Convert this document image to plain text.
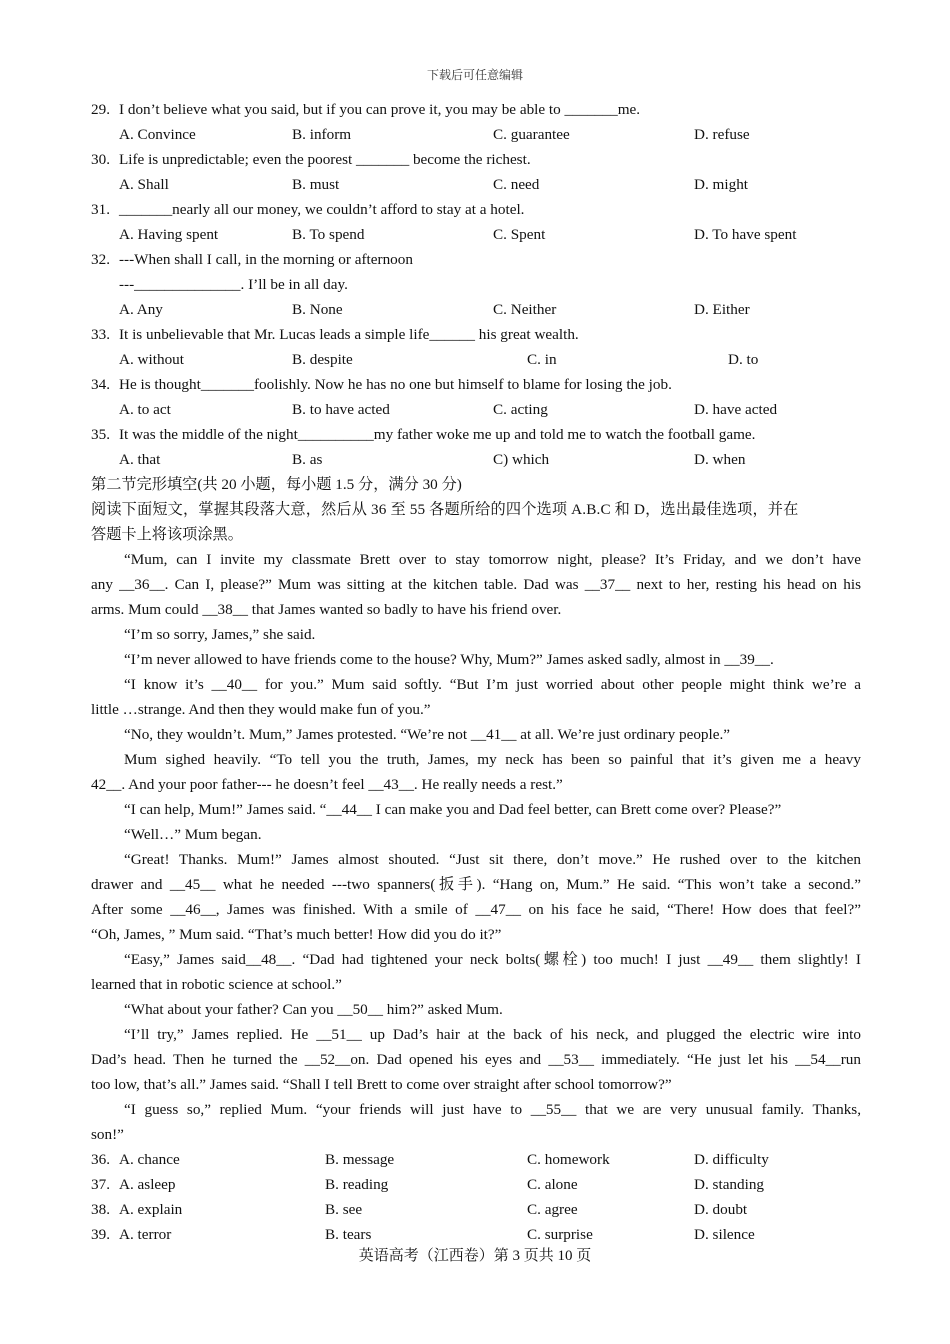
下载后可任意编辑
29. I don’t believe what you said, but if you can prove it, you may be able to _______me.
A. Convince	B. inform	C. guarantee	D. refuse
30. Life is unpredictable; even the poorest _______ become the richest.
A. Shall	B. must	C. need	D. might
31. _______nearly all our money, we couldn’t afford to stay at a hotel.
A. Having spent	B. To spend	C. Spent	D. To have spent
32. ---When shall I call, in the morning or afternoon
---______________. I’ll be in all day.
A. Any	B. None	C. Neither	D. Either
33. It is unbelievable that Mr. Lucas leads a simple life______ his great wealth.
A. without	B. despite	C. in	D. to
34. He is thought_______foolishly. Now he has no one but himself to blame for losing the job.
A. to act	B. to have acted	C. acting	D. have acted
35. It was the middle of the night__________my father woke me up and told me to watch the football game.
A. that	B. as	C) which	D. when
第二节完形填空(共 20 小题，每小题 1.5 分，满分 30 分)
阅读下面短文，掌握其段落大意，然后从 36 至 55 各题所给的四个选项 A.B.C 和 D，选出最佳选项，并在
答题卡上将该项涂黑。
“Mum, can I invite my classmate Brett over to stay tomorrow night, please? It’s Friday, and we don’t have
any __36__. Can I, please?” Mum was sitting at the kitchen table. Dad was __37__ next to her, resting his head on his
arms. Mum could __38__ that James wanted so badly to have his friend over.
“I’m so sorry, James,” she said.
“I’m never allowed to have friends come to the house? Why, Mum?” James asked sadly, almost in __39__.
“I know it’s __40__ for you.” Mum said softly. “But I’m just worried about other people might think we’re a
little …strange. And then they would make fun of you.”
“No, they wouldn’t. Mum,” James protested. “We’re not __41__ at all. We’re just ordinary people.”
Mum sighed heavily. “To tell you the truth, James, my neck has been so painful that it’s given me a heavy
42__. And your poor father--- he doesn’t feel __43__. He really needs a rest.”
“I can help, Mum!” James said. “__44__ I can make you and Dad feel better, can Brett come over? Please?”
“Well…” Mum began.
“Great! Thanks. Mum!” James almost shouted. “Just sit there, don’t move.” He rushed over to the kitchen
drawer and __45__ what he needed ---two spanners(扳手). “Hang on, Mum.” He said. “This won’t take a second.”
After some __46__, James was finished. With a smile of __47__ on his face he said, “There! How does that feel?”
“Oh, James, ” Mum said. “That’s much better! How did you do it?”
“Easy,” James said__48__. “Dad had tightened your neck bolts(螺栓) too much! I just __49__ them slightly! I
learned that in robotic science at school.”
“What about your father? Can you __50__ him?” asked Mum.
“I’ll try,” James replied. He __51__ up Dad’s hair at the back of his neck, and plugged the electric wire into
Dad’s head. Then he turned the __52__on. Dad opened his eyes and __53__ immediately. “He just let his __54__run
too low, that’s all.” James said. “Shall I tell Brett to come over straight after school tomorrow?”
“I guess so,” replied Mum. “your friends will just have to __55__ that we are very unusual family. Thanks,
son!”
36. A. chance	B. message	C. homework	D. difficulty
37. A. asleep	B. reading	C. alone	D. standing
38. A. explain	B. see	C. agree	D. doubt
39. A. terror	B. tears	C. surprise	D. silence
英语高考（江西卷）第 3 页共 10 页
